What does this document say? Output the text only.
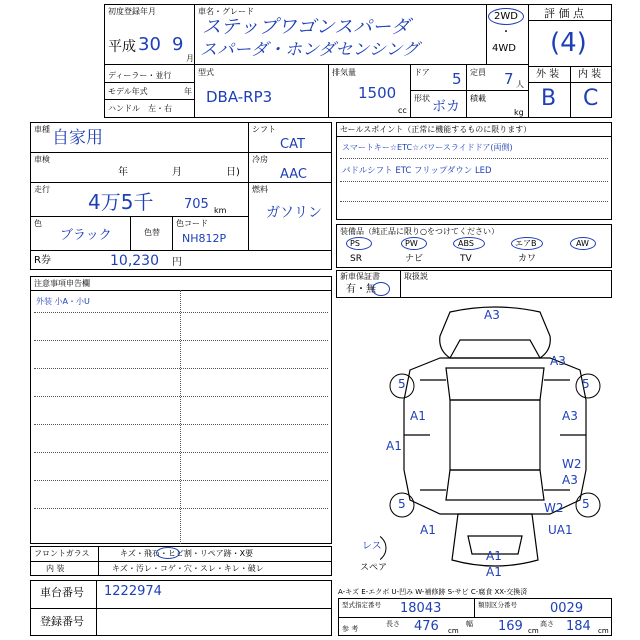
初度登録年月
平成 30 9
月
車名・グレード
ステップワゴンスパーダ
スパーダ・ホンダセンシング
2WD
・
4WD
評 価 点
(4)
ディーラー・並行
モデル年式	年
ハンドル　左・右
型式
DBA-RP3
排気量
1500
cc
ドア 5 定員 7 人
形状
ボカ
積載
kg
外 装 内 装
B C
車種 自家用
車検
年	月	日)
走行
4万5千 705 km
色
ブラック	色替
色コード
NH812P
シフト
CAT
冷房
AAC
燃料
ガソリン
R券	10,230 円
セールスポイント（正常に機能するものに限ります）
スマートキー☆ETC☆パワースライドドア(両側)
パドルシフト ETC フリップダウン LED
装備品（純正品に限り○をつけてください）
PS	PW	ABS	エアB	AW
SR	ナビ	TV	カワ
新車保証書	取扱説
有・無
注意事項申告欄
外装 小A・小U
A3
A3
5	5
A1	A3
A1
W2
A3
5	W2 5
UA1
A1
A1
A1
レス
スペア
フロントガラス	キズ・飛石・ヒビ割・リペア跡・X要
内 装	キズ・汚レ・コゲ・穴・スレ・キレ・破レ
車台番号 1222974
登録番号
A-キズ E-エクボ U-凹み W-補修跡 S-サビ C-腐食 XX-交換済
型式指定番号 18043	類別区分番号	0029
参 考
長さ 476 cm
幅 169 cm
高さ 184 cm
